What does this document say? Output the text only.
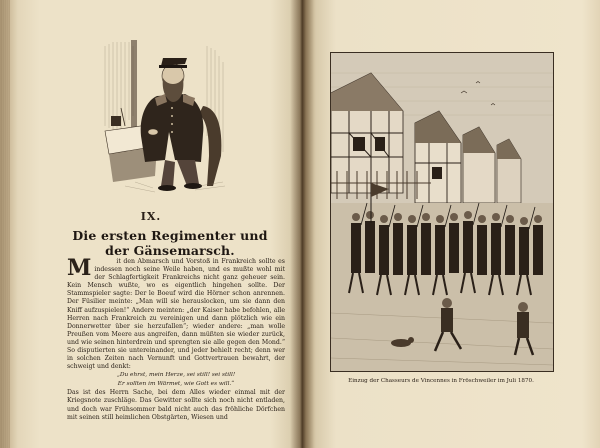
IX.
Die ersten Regimenter und der Gänsemarsch.

M	it den Abmarsch und Vorstoß in Frankreich sollte es indessen noch seine Weile haben, und es mußte wohl mit der Schlagfertigkeit Frankreichs nicht ganz geheuer sein. Kein Mensch wußte, wo es eigentlich hingehen sollte. Der Stammspieler sagte: Der le Boeuf wird die Hörner schon anrennen. Der Füsilier meinte: „Man will sie herauslocken, um sie dann den Kniff aufzuspielen!“ Andere meinten: „der Kaiser habe befohlen, alle Herren nach Frankreich zu vereinigen und dann plötzlich wie ein Donnerwetter über sie herzufallen“; wieder andere: „man wolle Preußen vom Meere aus angreifen, dann müßten sie wieder zurück, und wie seinen hinterdrein und sprengten sie alle gegen den Mond.“ So disputierten sie untereinander, und jeder behielt recht; denn wer in solchen Zeiten nach Vernunft und Gottvertrauen bewahrt, der schweigt und denkt:

„Du ehrst, mein Herze, sei still! sei still!
Er sollten im Wärmet, wie Gott es will.“

Das ist des Herrn Sache, bei dem Alles wieder einmal mit der Kriegsnote zuschläge. Das Gewitter sollte sich noch nicht entladen, und doch war Frühsommer bald nicht auch das fröhliche Dörfchen mit seinen still heimlichen Obstgärten, Wiesen und

Einzug der Chasseurs de Vincennes in Fröschweiler im Juli 1870.
